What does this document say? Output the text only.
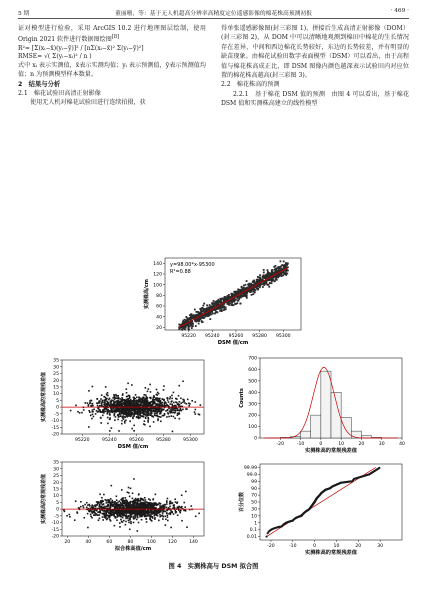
5 期	董丽珊，等：基于无人机超高分辨率高精度定位遥感影像的棉花株高预测初报	· 469 ·

证对模型进行检验，采用 ArcGIS 10.2 进行地理图层绘制，使用 Origin 2021 软件进行数据图绘图[8]

R²= [Σ(xᵢ−x̄)(yᵢ−ȳ)]² / [nΣ(xᵢ−x̄)² Σ(yᵢ−ȳ)²]

RMSE= √( Σ(yᵢ−xᵢ)² / n )

式中 xᵢ 表示实测值，x̄表示实测均值；yᵢ 表示预测值，ȳ表示预测值均值；n 为预测模型样本数量。

2　结果与分析

2.1　棉花试验田高清正射影像

使用无人机对棉花试验田进行连续拍摄，获

得单张遥感影像图(封三彩图 1)，拼接后生成高清正射影像（DOM）(封三彩图 2)，从 DOM 中可以清晰地观测到棉田中棉花的生长情况存在差异，中间和西边棉花长势较好，东边的长势较差，并有明显的缺苗现象。由棉花试验田数字表面模型（DSM）可以看出，由于高程值与棉花株高成正比，即 DSM 图像内颜色越深表示试验田内对应位置的棉花株高越高(封三彩图 3)。

2.2　棉花株高的预测

2.2.1　基于棉花 DSM 值的预测　由图 4 可以看出，基于棉花 DSM 值和实测株高建立的线性模型

95220 95240 95260 95280 95300
20
40
60
80
100
120
140
DSM 值/cm
实测株高/cm
y=98.00*x-95300
R²=0.88
95220	95240	95260	95280	95300
-20
-15
-10
-5
0
5
10
15
20
25
30
35
DSM 值/cm
实测株高的常规残差值
-20	-10	0	10	20	30	40
0
100
200
300
400
500
600
700
实测株高的常规残差值
Counts
20	40	60	80	100	120	140
-20
-15
-10
-5
0
5
10
15
20
25
30
35
拟合株高值/cm
实测株高的常规残差值
-20	-10	0	10	20	30
0.01
0.1
1
10
30
50
70
90
99
99.9
99.99
实测株高的常规残差值
百分位数
图 4　实测株高与 DSM 拟合图
